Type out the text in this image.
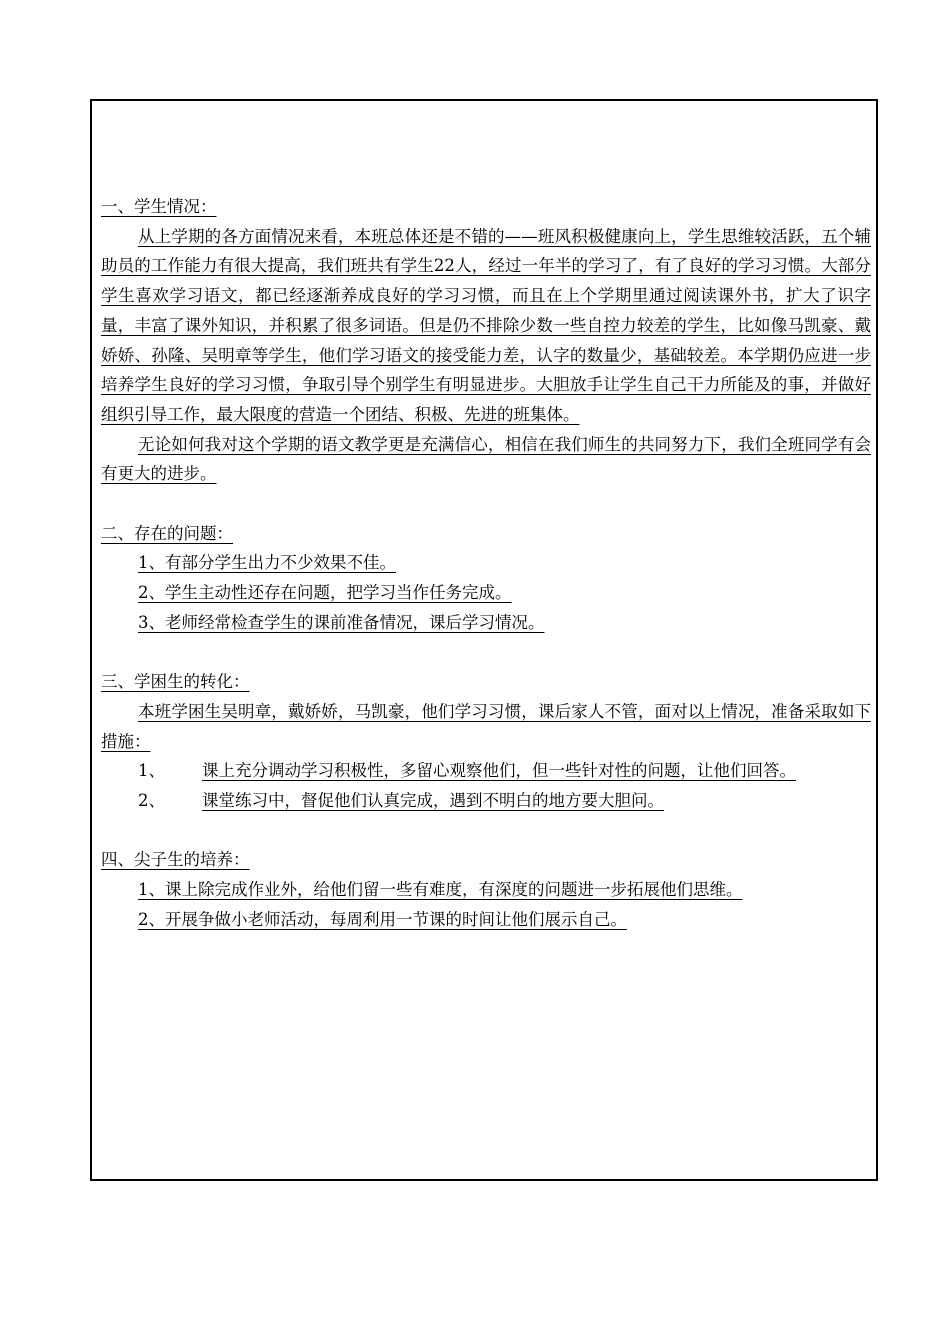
一、学生情况：

从上学期的各方面情况来看，本班总体还是不错的——班风积极健康向上，学生思维较活跃，五个辅助员的工作能力有很大提高，我们班共有学生22人，经过一年半的学习了，有了良好的学习习惯。大部分学生喜欢学习语文，都已经逐渐养成良好的学习习惯，而且在上个学期里通过阅读课外书，扩大了识字量，丰富了课外知识，并积累了很多词语。但是仍不排除少数一些自控力较差的学生，比如像马凯豪、戴娇娇、孙隆、吴明章等学生，他们学习语文的接受能力差，认字的数量少，基础较差。本学期仍应进一步培养学生良好的学习习惯，争取引导个别学生有明显进步。大胆放手让学生自己干力所能及的事，并做好组织引导工作，最大限度的营造一个团结、积极、先进的班集体。

无论如何我对这个学期的语文教学更是充满信心，相信在我们师生的共同努力下，我们全班同学有会有更大的进步。

二、存在的问题：
1、有部分学生出力不少效果不佳。
2、学生主动性还存在问题，把学习当作任务完成。
3、老师经常检查学生的课前准备情况，课后学习情况。
三、学困生的转化：

本班学困生吴明章，戴娇娇，马凯豪，他们学习习惯，课后家人不管，面对以上情况，准备采取如下措施：

1、	课上充分调动学习积极性，多留心观察他们，但一些针对性的问题，让他们回答。
2、	课堂练习中，督促他们认真完成，遇到不明白的地方要大胆问。
四、尖子生的培养：
1、课上除完成作业外，给他们留一些有难度，有深度的问题进一步拓展他们思维。
2、开展争做小老师活动，每周利用一节课的时间让他们展示自己。
